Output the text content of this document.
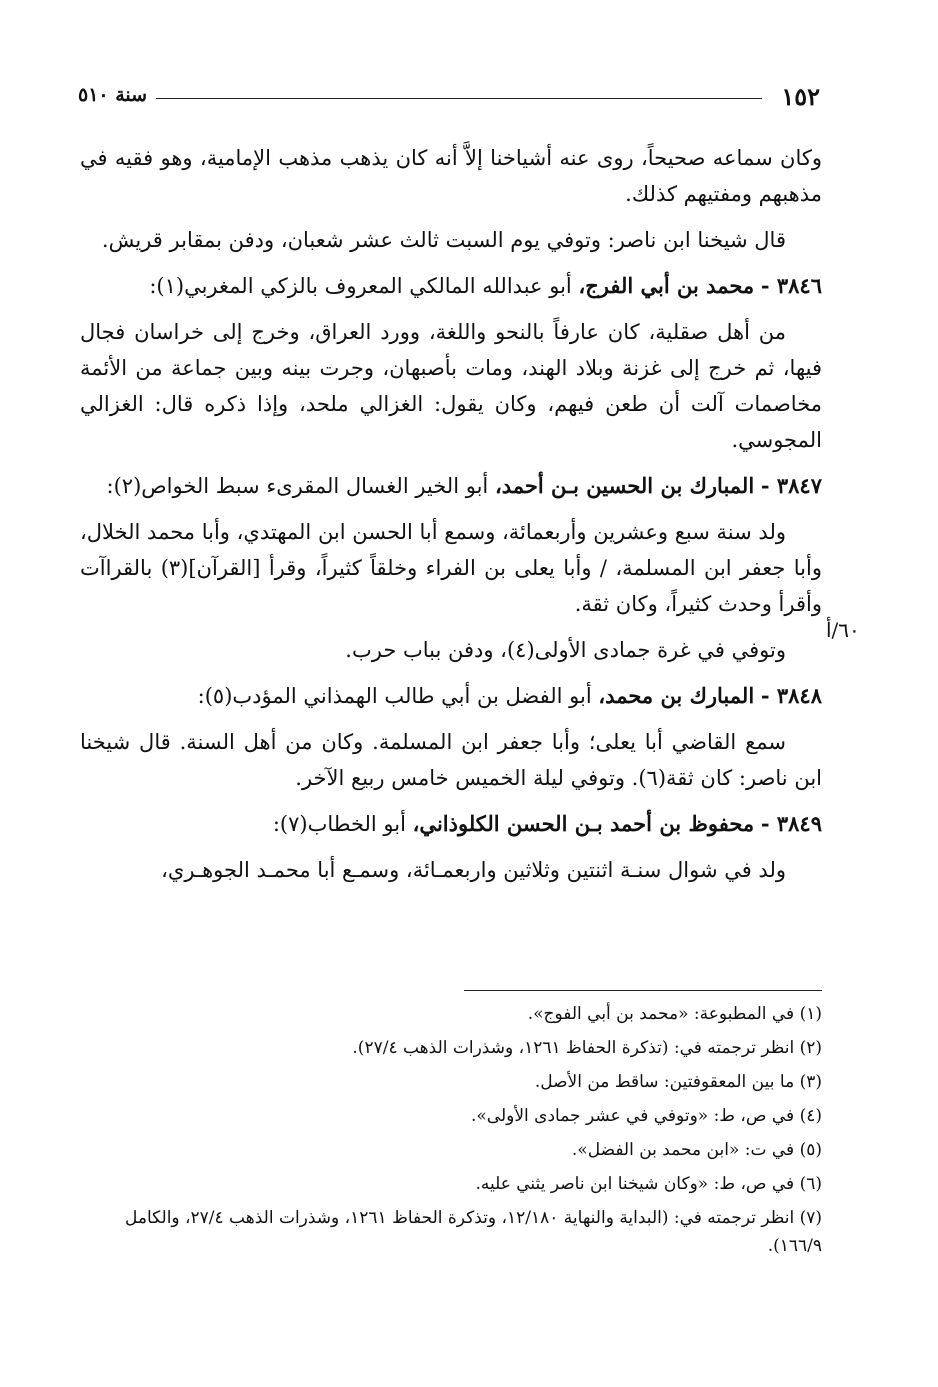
١٥٢
سنة ٥١٠
٦٠/أ

وكان سماعه صحيحاً، روى عنه أشياخنا إلاَّ أنه كان يذهب مذهب الإمامية، وهو فقيه في مذهبهم ومفتيهم كذلك.

قال شيخنا ابن ناصر: وتوفي يوم السبت ثالث عشر شعبان، ودفن بمقابر قريش.

٣٨٤٦ - محمد بن أبي الفرج، أبو عبدالله المالكي المعروف بالزكي المغربي(١):

من أهل صقلية، كان عارفاً بالنحو واللغة، وورد العراق، وخرج إلى خراسان فجال فيها، ثم خرج إلى غزنة وبلاد الهند، ومات بأصبهان، وجرت بينه وبين جماعة من الأئمة مخاصمات آلت أن طعن فيهم، وكان يقول: الغزالي ملحد، وإذا ذكره قال: الغزالي المجوسي.

٣٨٤٧ - المبارك بن الحسين بـن أحمد، أبو الخير الغسال المقرىء سبط الخواص(٢):

ولد سنة سبع وعشرين وأربعمائة، وسمع أبا الحسن ابن المهتدي، وأبا محمد الخلال، وأبا جعفر ابن المسلمة، / وأبا يعلى بن الفراء وخلقاً كثيراً، وقرأ [القرآن](٣) بالقراآت وأقرأ وحدث كثيراً، وكان ثقة.

وتوفي في غرة جمادى الأولى(٤)، ودفن بباب حرب.

٣٨٤٨ - المبارك بن محمد، أبو الفضل بن أبي طالب الهمذاني المؤدب(٥):

سمع القاضي أبا يعلى؛ وأبا جعفر ابن المسلمة. وكان من أهل السنة. قال شيخنا ابن ناصر: كان ثقة(٦). وتوفي ليلة الخميس خامس ربيع الآخر.

٣٨٤٩ - محفوظ بن أحمد بـن الحسن الكلوذاني، أبو الخطاب(٧):

ولد في شوال سنـة اثنتين وثلاثين واربعمـائة، وسمـع أبا محمـد الجوهـري،

(١) في المطبوعة: «محمد بن أبي الفوج».
(٢) انظر ترجمته في: (تذكرة الحفاظ ١٢٦١، وشذرات الذهب ٢٧/٤).
(٣) ما بين المعقوفتين: ساقط من الأصل.
(٤) في ص، ط: «وتوفي في عشر جمادى الأولى».
(٥) في ت: «ابن محمد بن الفضل».
(٦) في ص، ط: «وكان شيخنا ابن ناصر يثني عليه.
(٧) انظر ترجمته في: (البداية والنهاية ١٢/١٨٠، وتذكرة الحفاظ ١٢٦١، وشذرات الذهب ٢٧/٤، والكامل ١٦٦/٩).
